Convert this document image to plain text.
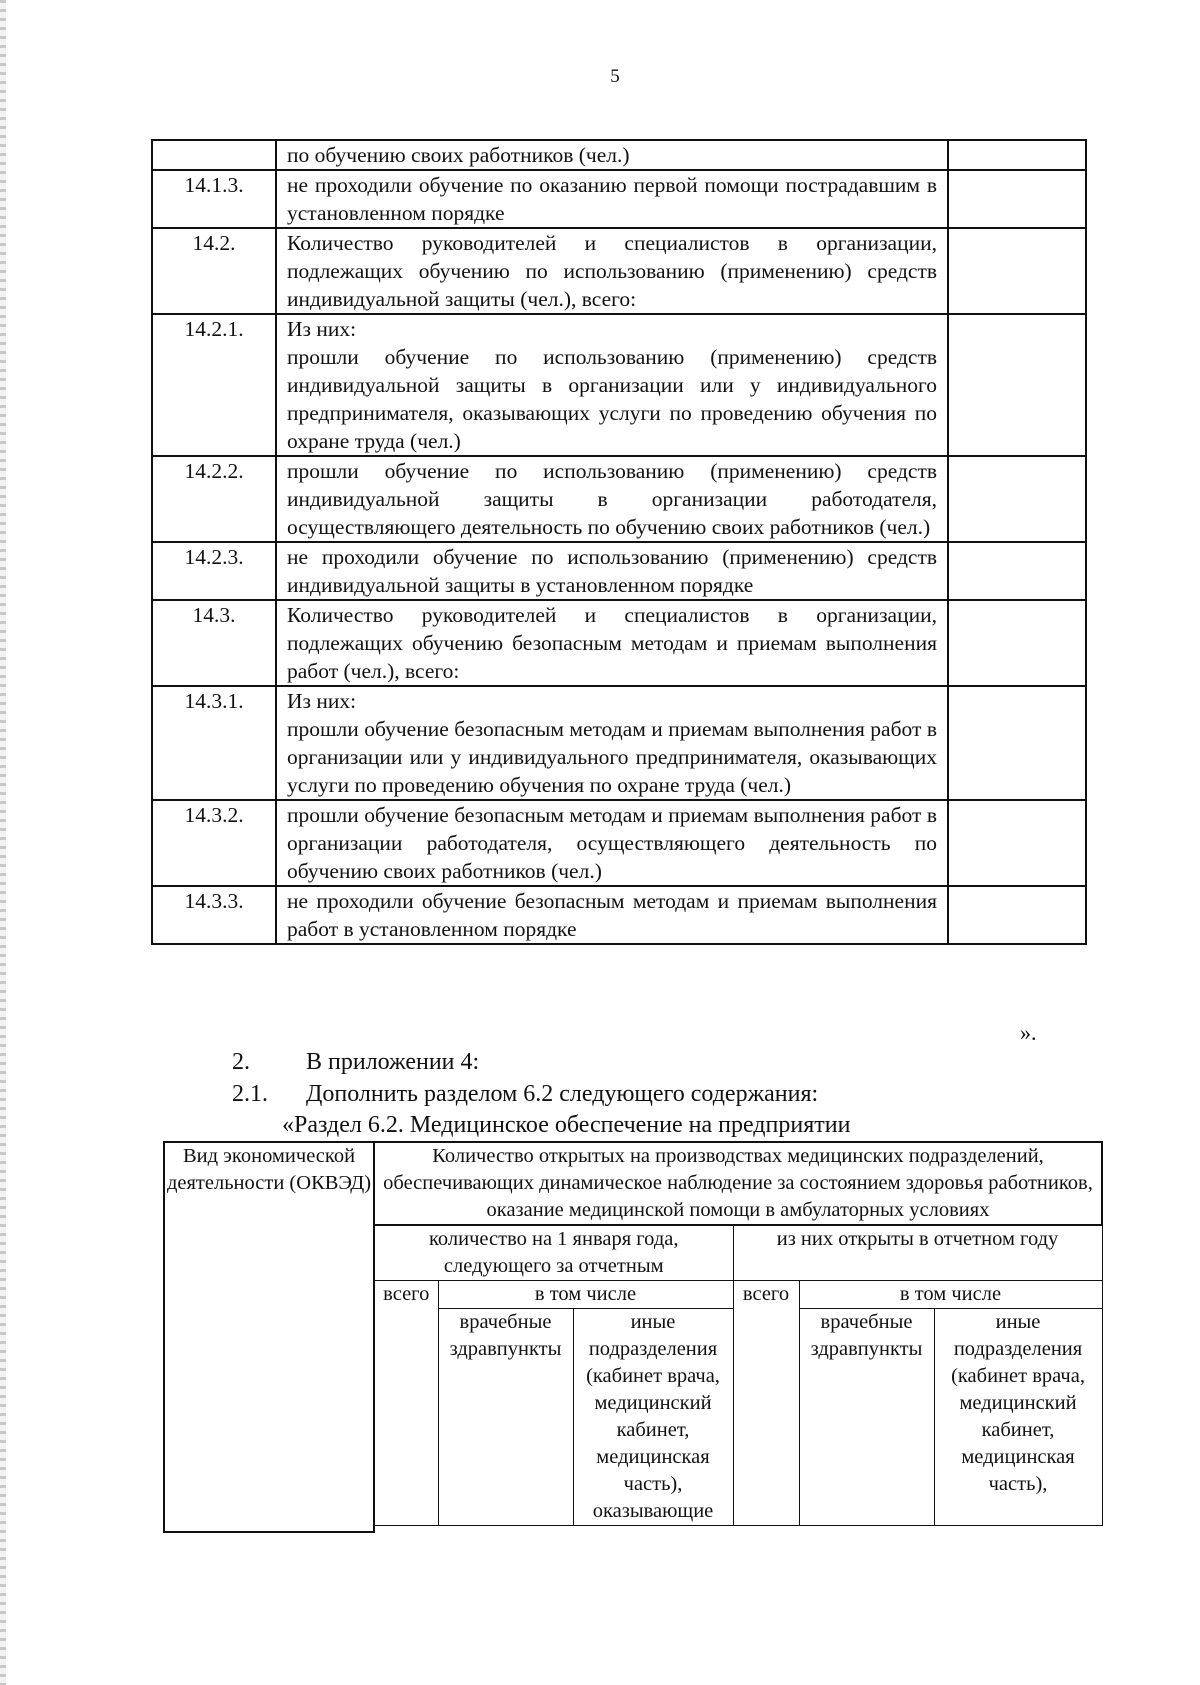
5

	по обучению своих работников (чел.)	

14.1.3.	не проходили обучение по оказанию первой помощи пострадавшим в установленном порядке	

14.2.	Количество руководителей и специалистов в организации, подлежащих обучению по использованию (применению) средств индивидуальной защиты (чел.), всего:	

14.2.1.	Из них:
прошли обучение по использованию (применению) средств индивидуальной защиты в организации или у индивидуального предпринимателя, оказывающих услуги по проведению обучения по охране труда (чел.)	

14.2.2.	прошли обучение по использованию (применению) средств индивидуальной защиты в организации работодателя, осуществляющего деятельность по обучению своих работников (чел.)	

14.2.3.	не проходили обучение по использованию (применению) средств индивидуальной защиты в установленном порядке	

14.3.	Количество руководителей и специалистов в организации, подлежащих обучению безопасным методам и приемам выполнения работ (чел.), всего:	

14.3.1.	Из них:
прошли обучение безопасным методам и приемам выполнения работ в организации или у индивидуального предпринимателя, оказывающих услуги по проведению обучения по охране труда (чел.)	

14.3.2.	прошли обучение безопасным методам и приемам выполнения работ в организации работодателя, осуществляющего деятельность по обучению своих работников (чел.)	

14.3.3.	не проходили обучение безопасным методам и приемам выполнения работ в установленном порядке	

».
2. В приложении 4:
2.1. Дополнить разделом 6.2 следующего содержания:
«Раздел 6.2. Медицинское обеспечение на предприятии
Вид экономической деятельности (ОКВЭД)	Количество открытых на производствах медицинских подразделений, обеспечивающих динамическое наблюдение за состоянием здоровья работников, оказание медицинской помощи в амбулаторных условиях					
	количество на 1 января года, следующего за отчетным			из них открыты в отчетном году		
	всего	в том числе		всего	в том числе	
		врачебные здравпункты	иные подразделения (кабинет врача, медицинский кабинет, медицинская часть), оказывающие		врачебные здравпункты	иные подразделения (кабинет врача, медицинский кабинет, медицинская часть),
